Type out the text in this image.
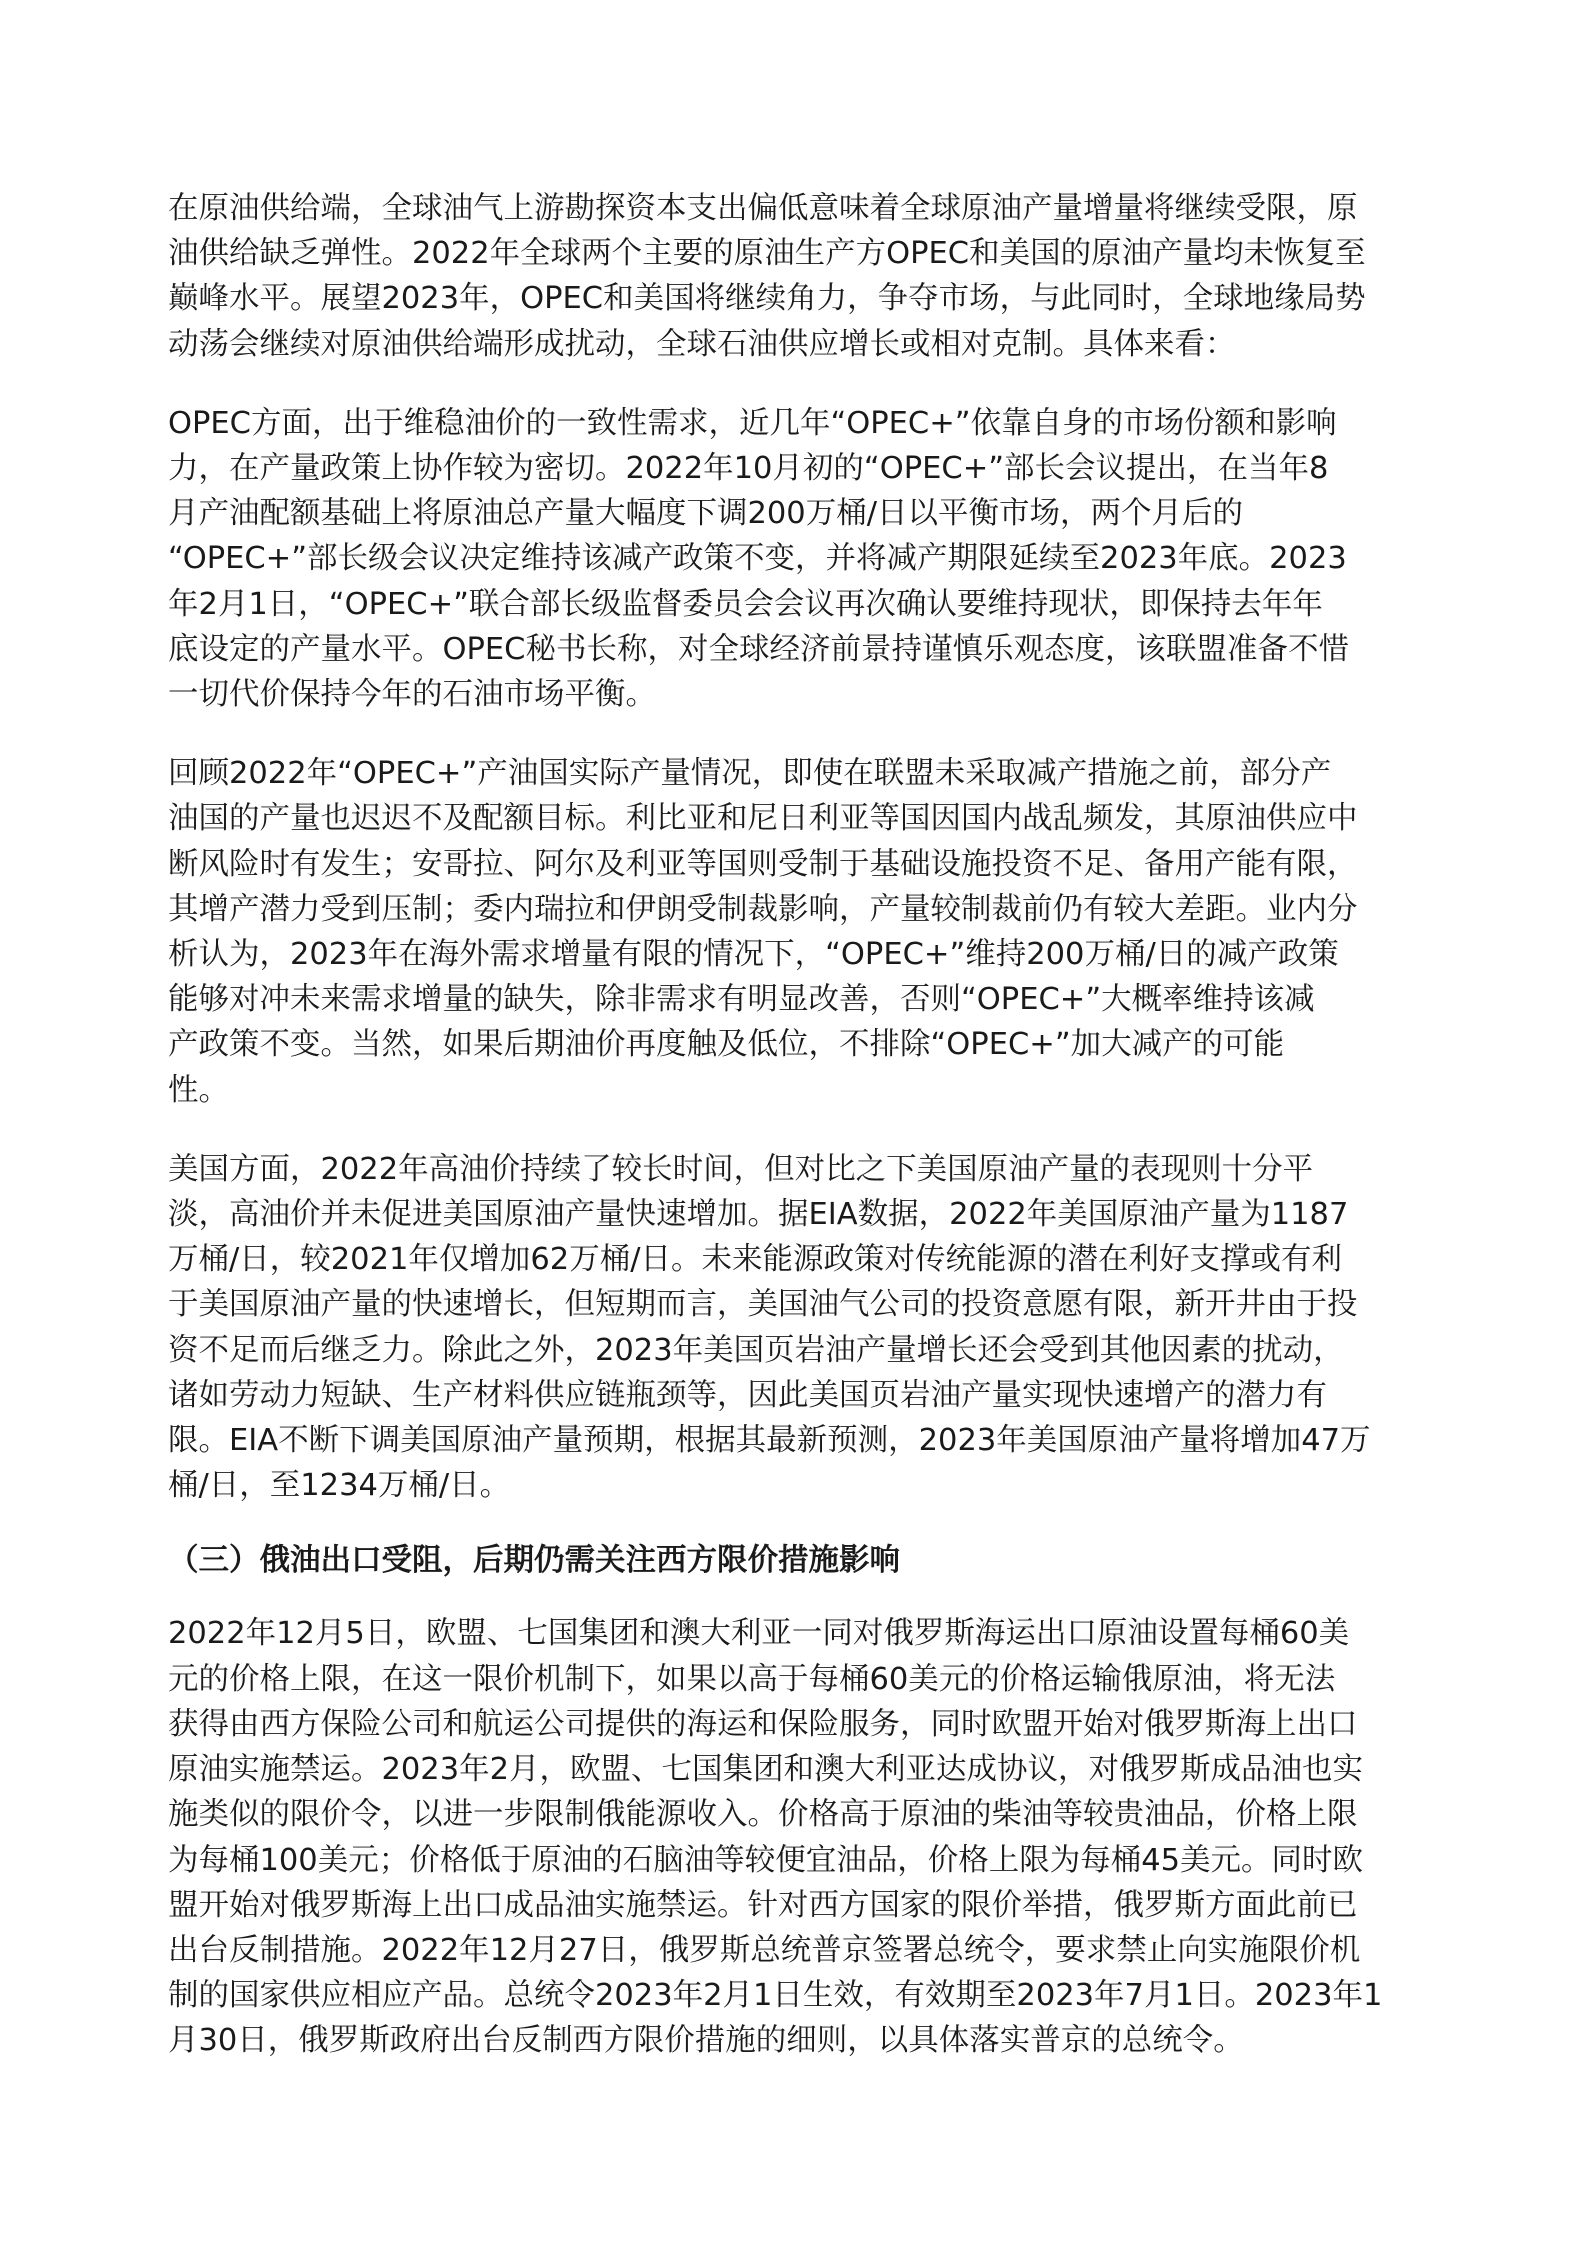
在原油供给端，全球油气上游勘探资本支出偏低意味着全球原油产量增量将继续受限，原
油供给缺乏弹性。2022年全球两个主要的原油生产方OPEC和美国的原油产量均未恢复至
巅峰水平。展望2023年，OPEC和美国将继续角力，争夺市场，与此同时，全球地缘局势
动荡会继续对原油供给端形成扰动，全球石油供应增长或相对克制。具体来看：

OPEC方面，出于维稳油价的一致性需求，近几年“OPEC+”依靠自身的市场份额和影响
力，在产量政策上协作较为密切。2022年10月初的“OPEC+”部长会议提出，在当年8
月产油配额基础上将原油总产量大幅度下调200万桶/日以平衡市场，两个月后的
“OPEC+”部长级会议决定维持该减产政策不变，并将减产期限延续至2023年底。2023
年2月1日，“OPEC+”联合部长级监督委员会会议再次确认要维持现状，即保持去年年
底设定的产量水平。OPEC秘书长称，对全球经济前景持谨慎乐观态度，该联盟准备不惜
一切代价保持今年的石油市场平衡。

回顾2022年“OPEC+”产油国实际产量情况，即使在联盟未采取减产措施之前，部分产
油国的产量也迟迟不及配额目标。利比亚和尼日利亚等国因国内战乱频发，其原油供应中
断风险时有发生；安哥拉、阿尔及利亚等国则受制于基础设施投资不足、备用产能有限，
其增产潜力受到压制；委内瑞拉和伊朗受制裁影响，产量较制裁前仍有较大差距。业内分
析认为，2023年在海外需求增量有限的情况下，“OPEC+”维持200万桶/日的减产政策
能够对冲未来需求增量的缺失，除非需求有明显改善，否则“OPEC+”大概率维持该减
产政策不变。当然，如果后期油价再度触及低位，不排除“OPEC+”加大减产的可能
性。

美国方面，2022年高油价持续了较长时间，但对比之下美国原油产量的表现则十分平
淡，高油价并未促进美国原油产量快速增加。据EIA数据，2022年美国原油产量为1187
万桶/日，较2021年仅增加62万桶/日。未来能源政策对传统能源的潜在利好支撑或有利
于美国原油产量的快速增长，但短期而言，美国油气公司的投资意愿有限，新开井由于投
资不足而后继乏力。除此之外，2023年美国页岩油产量增长还会受到其他因素的扰动，
诸如劳动力短缺、生产材料供应链瓶颈等，因此美国页岩油产量实现快速增产的潜力有
限。EIA不断下调美国原油产量预期，根据其最新预测，2023年美国原油产量将增加47万
桶/日，至1234万桶/日。

（三）俄油出口受阻，后期仍需关注西方限价措施影响

2022年12月5日，欧盟、七国集团和澳大利亚一同对俄罗斯海运出口原油设置每桶60美
元的价格上限，在这一限价机制下，如果以高于每桶60美元的价格运输俄原油，将无法
获得由西方保险公司和航运公司提供的海运和保险服务，同时欧盟开始对俄罗斯海上出口
原油实施禁运。2023年2月，欧盟、七国集团和澳大利亚达成协议，对俄罗斯成品油也实
施类似的限价令，以进一步限制俄能源收入。价格高于原油的柴油等较贵油品，价格上限
为每桶100美元；价格低于原油的石脑油等较便宜油品，价格上限为每桶45美元。同时欧
盟开始对俄罗斯海上出口成品油实施禁运。针对西方国家的限价举措，俄罗斯方面此前已
出台反制措施。2022年12月27日，俄罗斯总统普京签署总统令，要求禁止向实施限价机
制的国家供应相应产品。总统令2023年2月1日生效，有效期至2023年7月1日。2023年1
月30日，俄罗斯政府出台反制西方限价措施的细则，以具体落实普京的总统令。
